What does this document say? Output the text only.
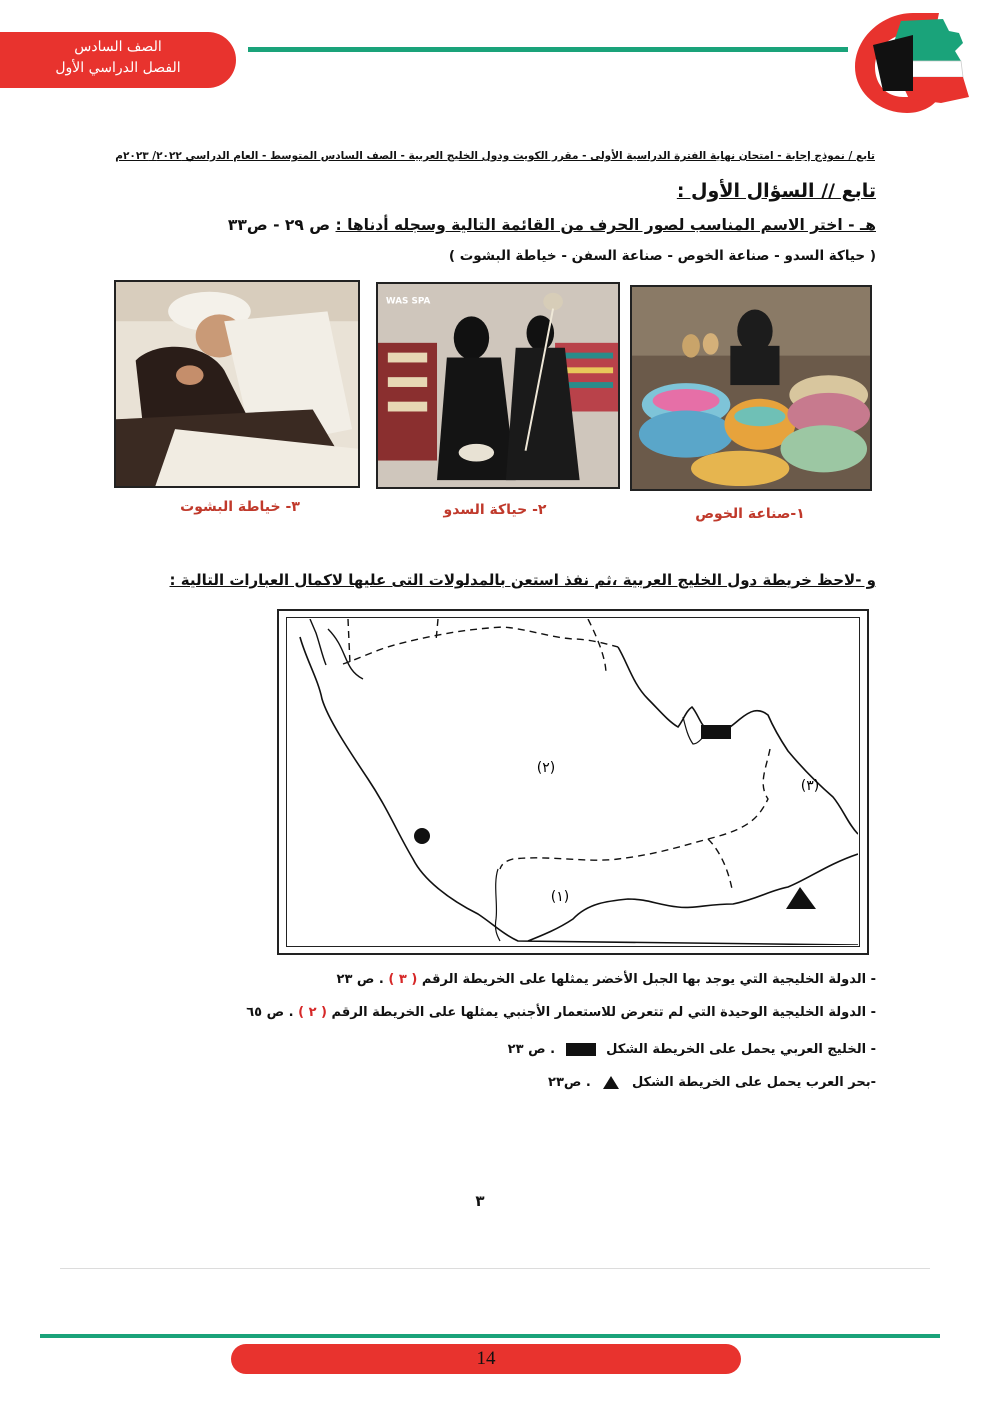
الصف السادس
الفصل الدراسي الأول
تابع / نموذج إجابة - امتحان نهاية الفترة الدراسية الأولى - مقرر الكويت ودول الخليج العربية - الصف السادس المتوسط - العام الدراسي ٢٠٢٢/ ٢٠٢٣م
تابع // السؤال الأول :
هـ - اختر الاسم المناسب لصور الحرف من القائمة التالية وسجله أدناها : ص ٢٩ - ص٣٣
( حياكة السدو - صناعة الخوص - صناعة السفن - خياطة البشوت )
WAS SPA
١-صناعة الخوص
٢- حياكة السدو
٣- خياطة البشوت
و -لاحظ خريطة دول الخليج العربية ،ثم نفذ استعن بالمدلولات التى عليها لاكمال العبارات التالية :
(٢)
(٣)
(١)
- الدولة الخليجية التي يوجد بها الجبل الأخضر يمثلها على الخريطة الرقم ( ٣ ) . ص ٢٣
- الدولة الخليجية الوحيدة التي لم تتعرض للاستعمار الأجنبي يمثلها على الخريطة الرقم ( ٢ ) . ص ٦٥
- الخليج العربي يحمل على الخريطة الشكل  . ص ٢٣
-بحر العرب يحمل على الخريطة الشكل  . ص٢٣
٣
14
